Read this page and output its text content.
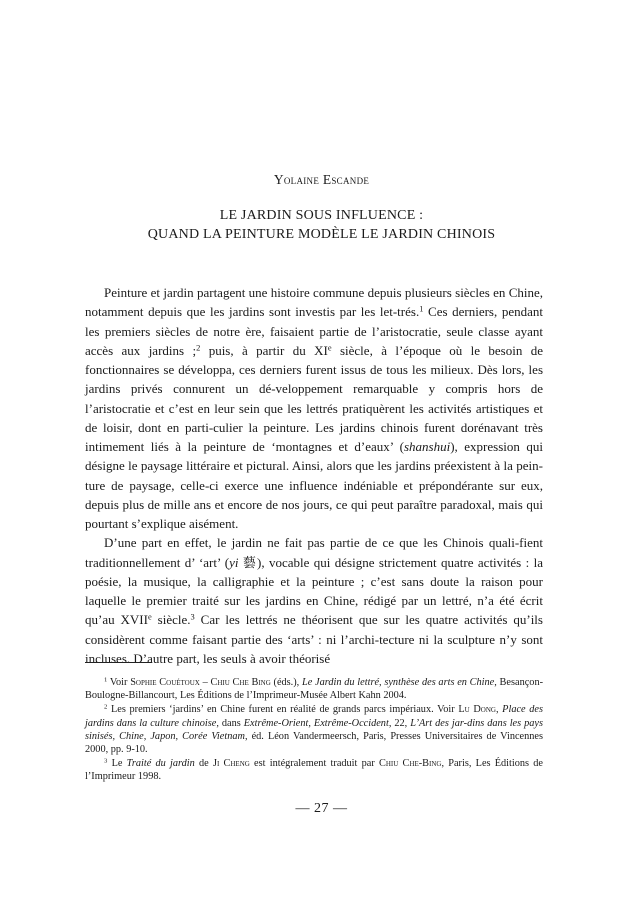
Yolaine Escande
LE JARDIN SOUS INFLUENCE :
QUAND LA PEINTURE MODÈLE LE JARDIN CHINOIS

Peinture et jardin partagent une histoire commune depuis plusieurs siècles en Chine, notamment depuis que les jardins sont investis par les let-trés.$^1$ Ces derniers, pendant les premiers siècles de notre ère, faisaient partie de l’aristocratie, seule classe ayant accès aux jardins ;$^2$ puis, à partir du XIe siècle, à l’époque où le besoin de fonctionnaires se développa, ces derniers furent issus de tous les milieux. Dès lors, les jardins privés connurent un dé-veloppement remarquable y compris hors de l’aristocratie et c’est en leur sein que les lettrés pratiquèrent les activités artistiques et de loisir, dont en parti-culier la peinture. Les jardins chinois furent dorénavant très intimement liés à la peinture de ‘montagnes et d’eaux’ (shanshui), expression qui désigne le paysage littéraire et pictural. Ainsi, alors que les jardins préexistent à la pein-ture de paysage, celle-ci exerce une influence indéniable et prépondérante sur eux, depuis plus de mille ans et encore de nos jours, ce qui peut paraître paradoxal, mais qui pourtant s’explique aisément.

D’une part en effet, le jardin ne fait pas partie de ce que les Chinois quali-fient traditionnellement d’ ‘art’ (yi 藝), vocable qui désigne strictement quatre activités : la poésie, la musique, la calligraphie et la peinture ; c’est sans doute la raison pour laquelle le premier traité sur les jardins en Chine, rédigé par un lettré, n’a été écrit qu’au XVIIe siècle.$^3$ Car les lettrés ne théorisent que sur les quatre activités qu’ils considèrent comme faisant partie des ‘arts’ : ni l’archi-tecture ni la sculpture n’y sont incluses. D’autre part, les seuls à avoir théorisé

$^1$ Voir Sophie Couétoux – Chiu Che Bing (éds.), Le Jardin du lettré, synthèse des arts en Chine, Besançon-Boulogne-Billancourt, Les Éditions de l’Imprimeur-Musée Albert Kahn 2004.

$^2$ Les premiers ‘jardins’ en Chine furent en réalité de grands parcs impériaux. Voir Lu Dong, Place des jardins dans la culture chinoise, dans Extrême-Orient, Extrême-Occident, 22, L’Art des jar-dins dans les pays sinisés, Chine, Japon, Corée Vietnam, éd. Léon Vandermeersch, Paris, Presses Universitaires de Vincennes 2000, pp. 9-10.

$^3$ Le Traité du jardin de Ji Cheng est intégralement traduit par Chiu Che-Bing, Paris, Les Éditions de l’Imprimeur 1998.

— 27 —
